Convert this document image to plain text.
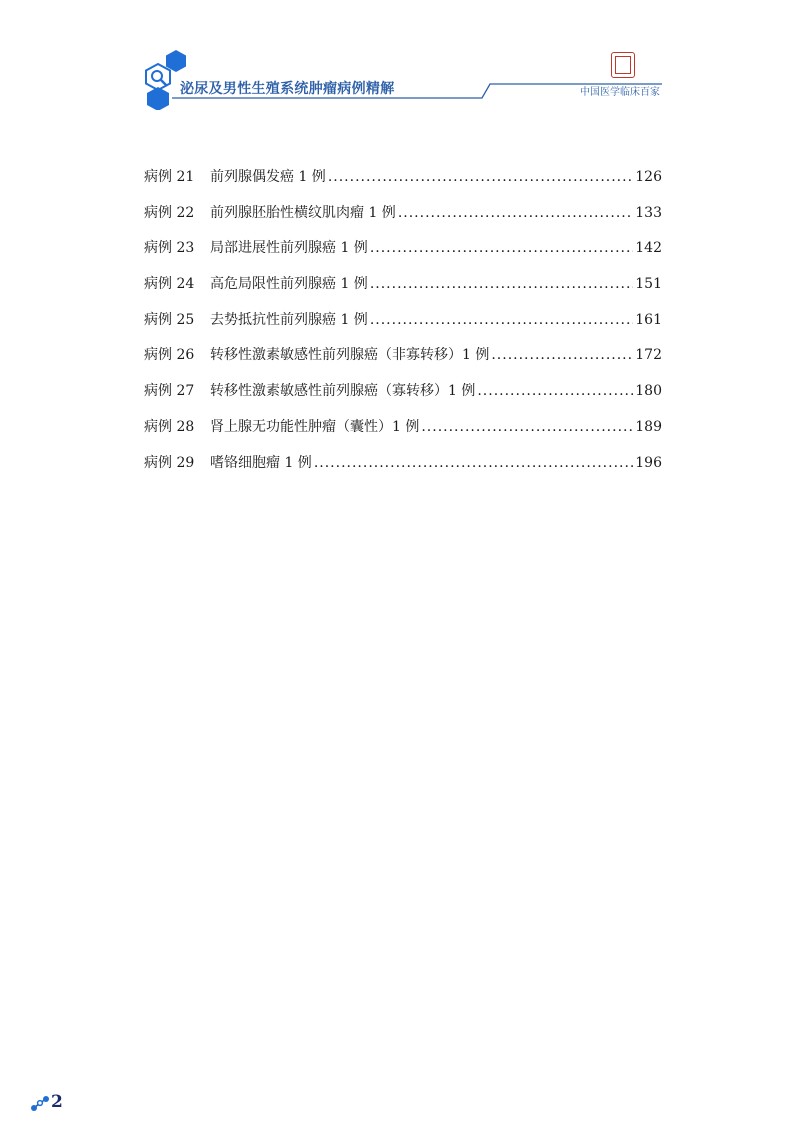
泌尿及男性生殖系统肿瘤病例精解	中国医学临床百家
病例 21	前列腺偶发癌 1 例 .....	126
病例 22	前列腺胚胎性横纹肌肉瘤 1 例 .....	133
病例 23	局部进展性前列腺癌 1 例 .....	142
病例 24	高危局限性前列腺癌 1 例 .....	151
病例 25	去势抵抗性前列腺癌 1 例 .....	161
病例 26	转移性激素敏感性前列腺癌（非寡转移）1 例 .....	172
病例 27	转移性激素敏感性前列腺癌（寡转移）1 例 .....	180
病例 28	肾上腺无功能性肿瘤（囊性）1 例 .....	189
病例 29	嗜铬细胞瘤 1 例 .....	196
2
